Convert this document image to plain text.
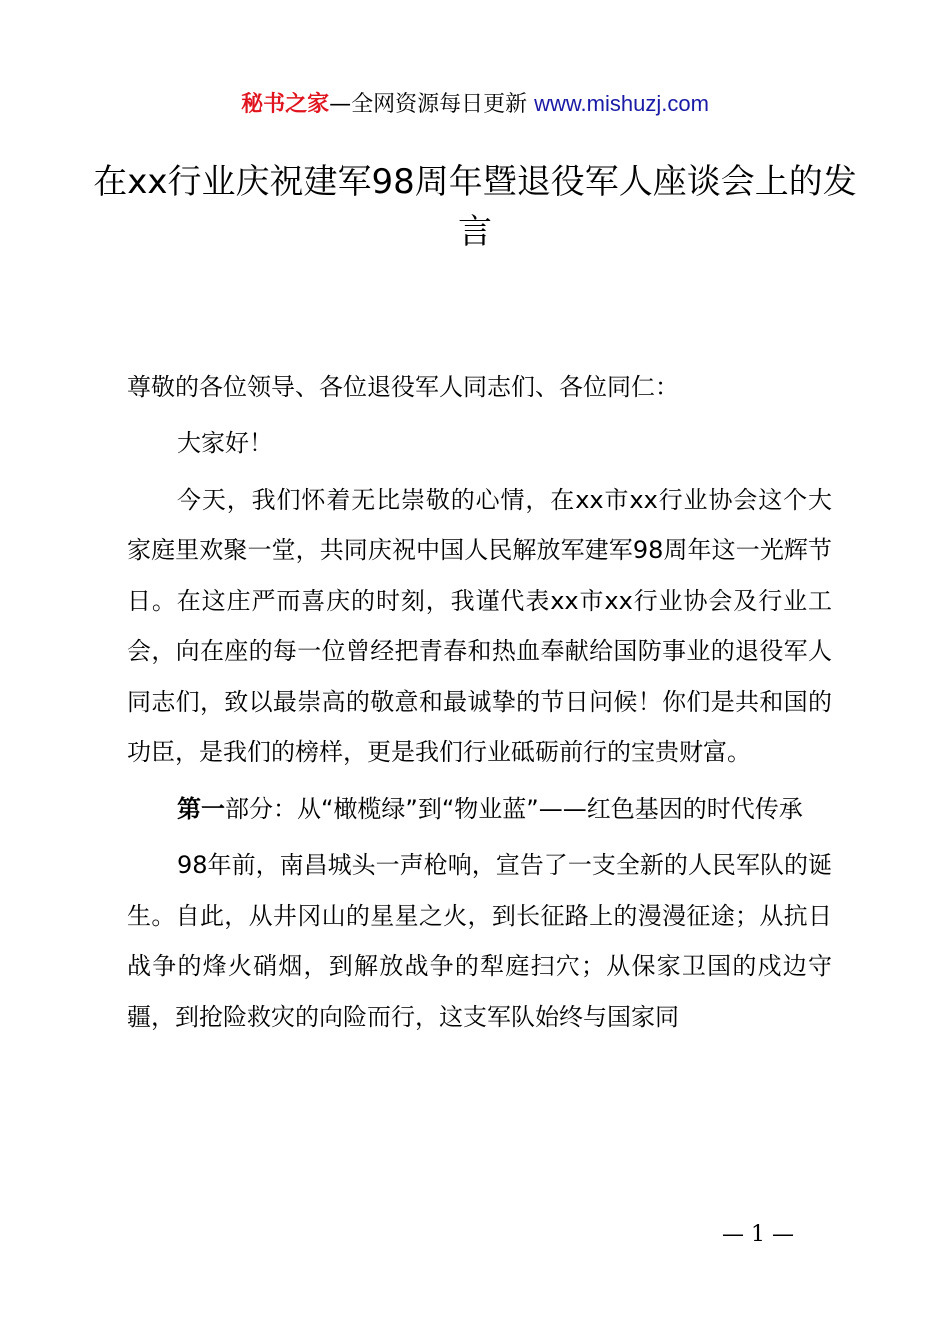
秘书之家—全网资源每日更新 www.mishuzj.com
在xx行业庆祝建军98周年暨退役军人座谈会上的发言

尊敬的各位领导、各位退役军人同志们、各位同仁：

大家好！

今天，我们怀着无比崇敬的心情，在xx市xx行业协会这个大家庭里欢聚一堂，共同庆祝中国人民解放军建军98周年这一光辉节日。在这庄严而喜庆的时刻，我谨代表xx市xx行业协会及行业工会，向在座的每一位曾经把青春和热血奉献给国防事业的退役军人同志们，致以最崇高的敬意和最诚挚的节日问候！你们是共和国的功臣，是我们的榜样，更是我们行业砥砺前行的宝贵财富。

第一部分：从“橄榄绿”到“物业蓝”——红色基因的时代传承

98年前，南昌城头一声枪响，宣告了一支全新的人民军队的诞生。自此，从井冈山的星星之火，到长征路上的漫漫征途；从抗日战争的烽火硝烟，到解放战争的犁庭扫穴；从保家卫国的戍边守疆，到抢险救灾的向险而行，这支军队始终与国家同

— 1 —
